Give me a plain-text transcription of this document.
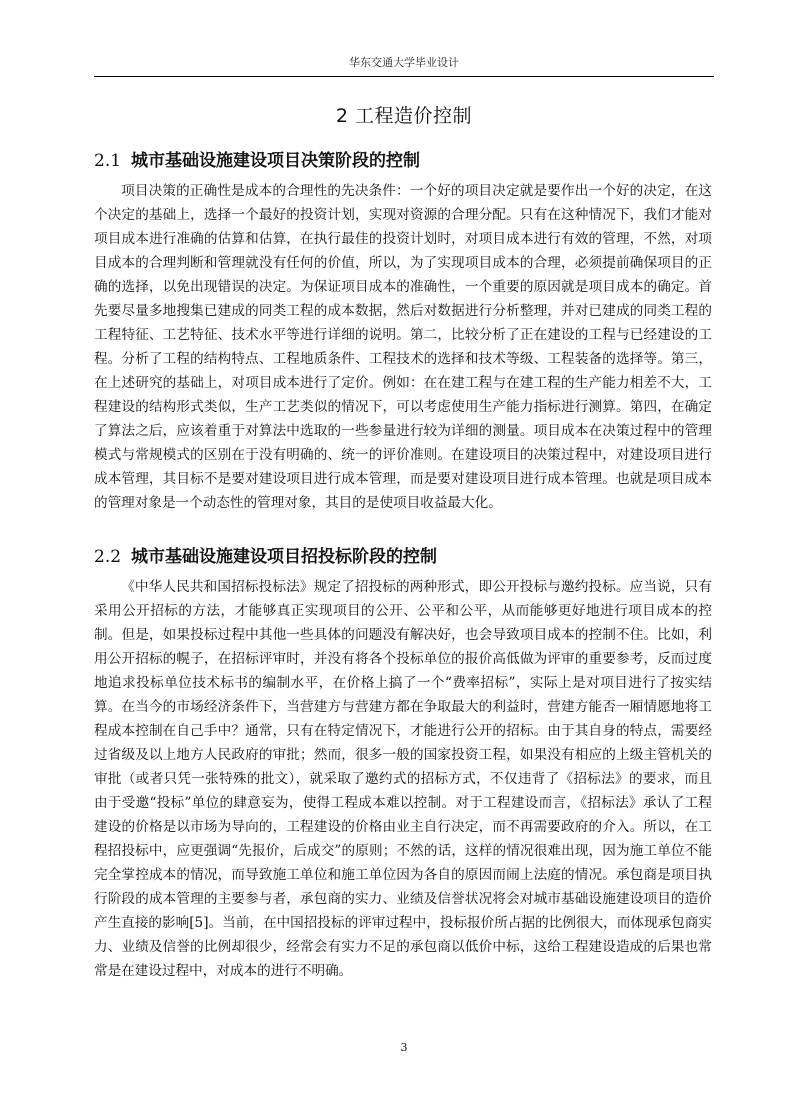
华东交通大学毕业设计
2 工程造价控制
2.1 城市基础设施建设项目决策阶段的控制

项目决策的正确性是成本的合理性的先决条件：一个好的项目决定就是要作出一个好的决定，在这个决定的基础上，选择一个最好的投资计划，实现对资源的合理分配。只有在这种情况下，我们才能对项目成本进行准确的估算和估算，在执行最佳的投资计划时，对项目成本进行有效的管理，不然，对项目成本的合理判断和管理就没有任何的价值，所以，为了实现项目成本的合理，必须提前确保项目的正确的选择，以免出现错误的决定。为保证项目成本的准确性，一个重要的原因就是项目成本的确定。首先要尽量多地搜集已建成的同类工程的成本数据，然后对数据进行分析整理，并对已建成的同类工程的工程特征、工艺特征、技术水平等进行详细的说明。第二，比较分析了正在建设的工程与已经建设的工程。分析了工程的结构特点、工程地质条件、工程技术的选择和技术等级、工程装备的选择等。第三，在上述研究的基础上，对项目成本进行了定价。例如：在在建工程与在建工程的生产能力相差不大，工程建设的结构形式类似，生产工艺类似的情况下，可以考虑使用生产能力指标进行测算。第四，在确定了算法之后，应该着重于对算法中选取的一些参量进行较为详细的测量。项目成本在决策过程中的管理模式与常规模式的区别在于没有明确的、统一的评价准则。在建设项目的决策过程中，对建设项目进行成本管理，其目标不是要对建设项目进行成本管理，而是要对建设项目进行成本管理。也就是项目成本的管理对象是一个动态性的管理对象，其目的是使项目收益最大化。

2.2 城市基础设施建设项目招投标阶段的控制

《中华人民共和国招标投标法》规定了招投标的两种形式，即公开投标与邀约投标。应当说，只有采用公开招标的方法，才能够真正实现项目的公开、公平和公平，从而能够更好地进行项目成本的控制。但是，如果投标过程中其他一些具体的问题没有解决好，也会导致项目成本的控制不住。比如，利用公开招标的幌子，在招标评审时，并没有将各个投标单位的报价高低做为评审的重要参考，反而过度地追求投标单位技术标书的编制水平，在价格上搞了一个“费率招标”，实际上是对项目进行了按实结算。在当今的市场经济条件下，当营建方与营建方都在争取最大的利益时，营建方能否一厢情愿地将工程成本控制在自己手中？通常，只有在特定情况下，才能进行公开的招标。由于其自身的特点，需要经过省级及以上地方人民政府的审批；然而，很多一般的国家投资工程，如果没有相应的上级主管机关的审批（或者只凭一张特殊的批文），就采取了邀约式的招标方式，不仅违背了《招标法》的要求，而且由于受邀“投标”单位的肆意妄为，使得工程成本难以控制。对于工程建设而言，《招标法》承认了工程建设的价格是以市场为导向的，工程建设的价格由业主自行决定，而不再需要政府的介入。所以，在工程招投标中，应更强调“先报价，后成交”的原则；不然的话，这样的情况很难出现，因为施工单位不能完全掌控成本的情况，而导致施工单位和施工单位因为各自的原因而闹上法庭的情况。承包商是项目执行阶段的成本管理的主要参与者，承包商的实力、业绩及信誉状况将会对城市基础设施建设项目的造价产生直接的影响[5]。当前，在中国招投标的评审过程中，投标报价所占据的比例很大，而体现承包商实力、业绩及信誉的比例却很少，经常会有实力不足的承包商以低价中标，这给工程建设造成的后果也常常是在建设过程中，对成本的进行不明确。

3
